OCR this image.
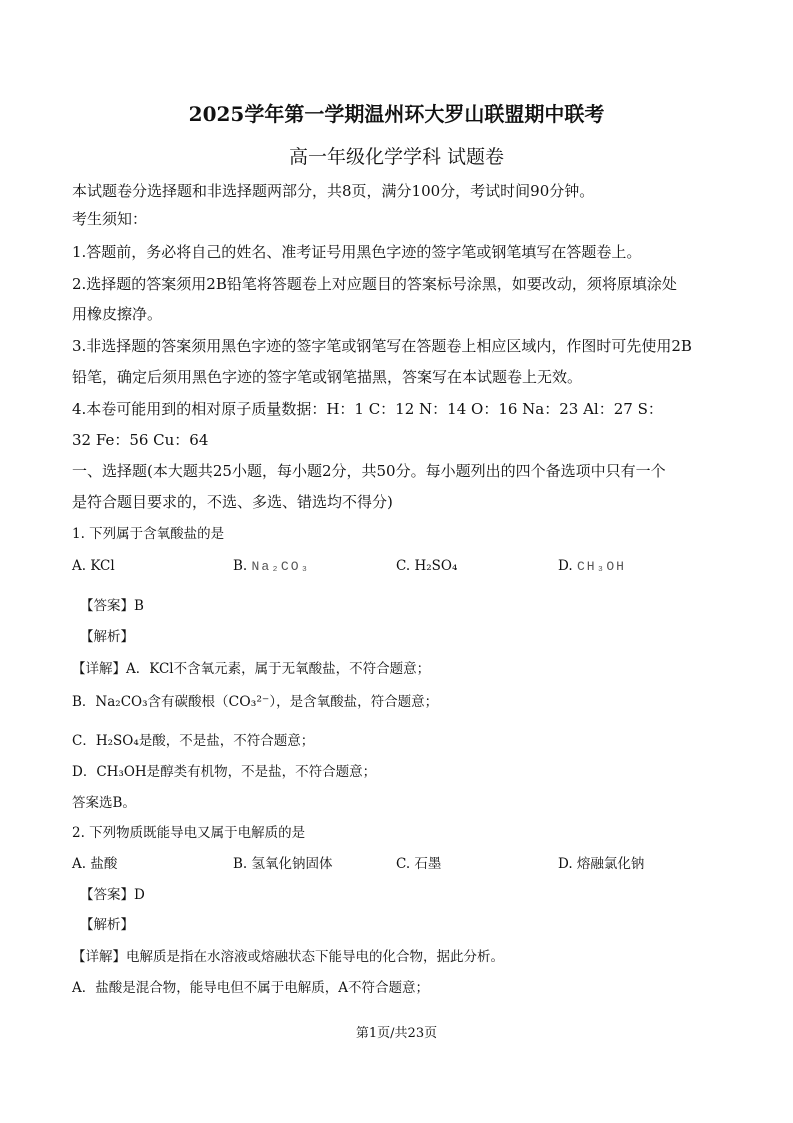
2025学年第一学期温州环大罗山联盟期中联考
高一年级化学学科 试题卷
本试题卷分选择题和非选择题两部分，共8页，满分100分，考试时间90分钟。
考生须知：
1.答题前，务必将自己的姓名、准考证号用黑色字迹的签字笔或钢笔填写在答题卷上。
2.选择题的答案须用2B铅笔将答题卷上对应题目的答案标号涂黑，如要改动，须将原填涂处
用橡皮擦净。
3.非选择题的答案须用黑色字迹的签字笔或钢笔写在答题卷上相应区域内，作图时可先使用2B
铅笔，确定后须用黑色字迹的签字笔或钢笔描黑，答案写在本试题卷上无效。
4.本卷可能用到的相对原子质量数据：H：1 C：12 N：14 O：16 Na：23 Al：27 S：
32 Fe：56 Cu：64
一、选择题(本大题共25小题，每小题2分，共50分。每小题列出的四个备选项中只有一个
是符合题目要求的，不选、多选、错选均不得分)
1. 下列属于含氧酸盐的是
A. KCl	B. Na₂CO₃	C. H₂SO₄	D. CH₃OH
【答案】B
【解析】
【详解】A．KCl不含氧元素，属于无氧酸盐，不符合题意；
B．Na₂CO₃含有碳酸根（CO₃²⁻），是含氧酸盐，符合题意；
C．H₂SO₄是酸，不是盐，不符合题意；
D．CH₃OH是醇类有机物，不是盐，不符合题意；
答案选B。
2. 下列物质既能导电又属于电解质的是
A. 盐酸	B. 氢氧化钠固体	C. 石墨	D. 熔融氯化钠
【答案】D
【解析】
【详解】电解质是指在水溶液或熔融状态下能导电的化合物，据此分析。
A．盐酸是混合物，能导电但不属于电解质，A不符合题意；
第1页/共23页
